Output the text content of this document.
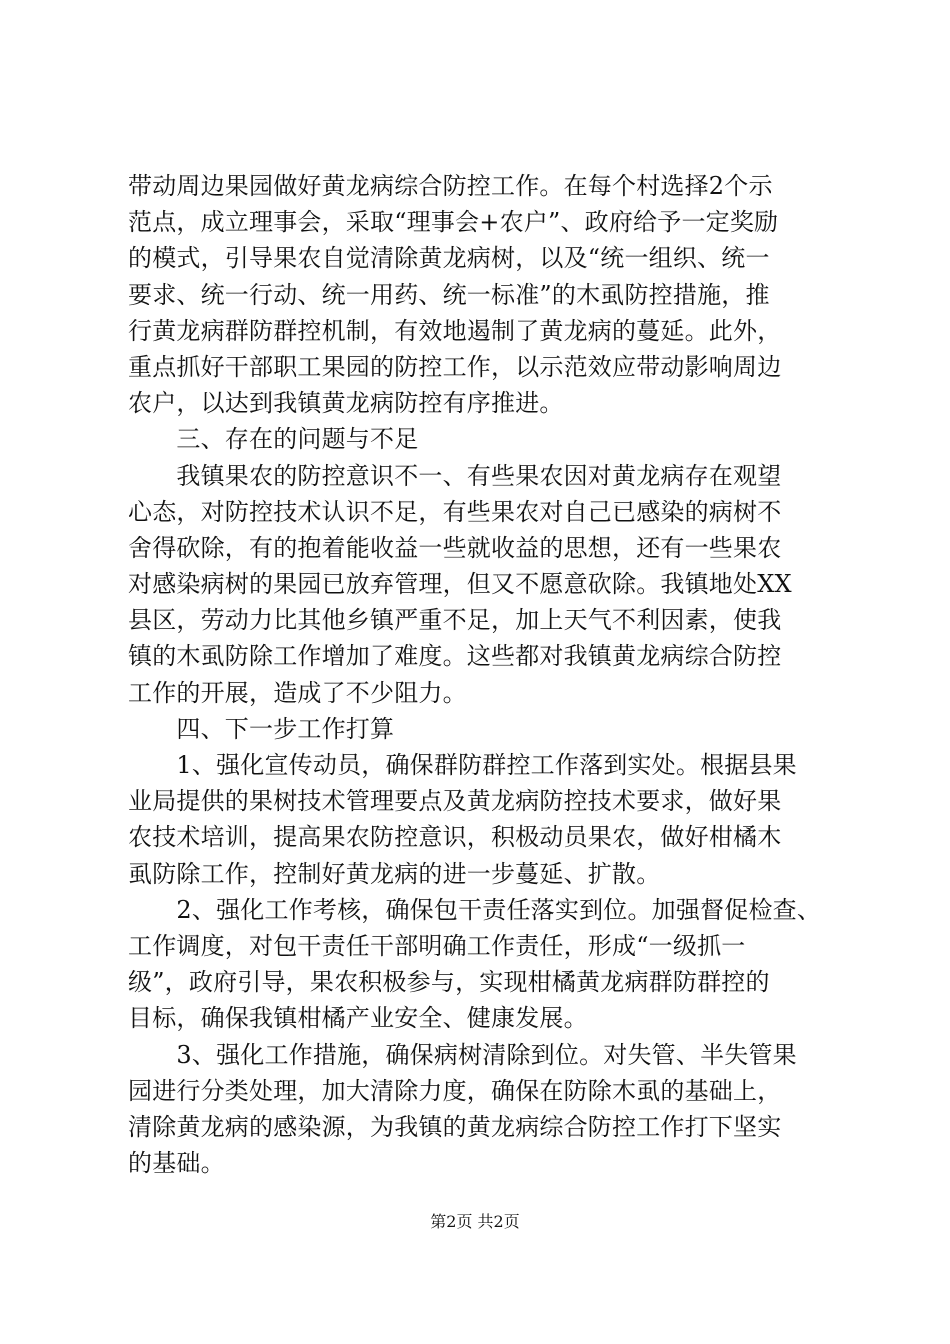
带动周边果园做好黄龙病综合防控工作。在每个村选择2个示
范点，成立理事会，采取“理事会+农户”、政府给予一定奖励
的模式，引导果农自觉清除黄龙病树，以及“统一组织、统一
要求、统一行动、统一用药、统一标准”的木虱防控措施，推
行黄龙病群防群控机制，有效地遏制了黄龙病的蔓延。此外，
重点抓好干部职工果园的防控工作，以示范效应带动影响周边
农户，以达到我镇黄龙病防控有序推进。
　　三、存在的问题与不足
　　我镇果农的防控意识不一、有些果农因对黄龙病存在观望
心态，对防控技术认识不足，有些果农对自己已感染的病树不
舍得砍除，有的抱着能收益一些就收益的思想，还有一些果农
对感染病树的果园已放弃管理，但又不愿意砍除。我镇地处XX
县区，劳动力比其他乡镇严重不足，加上天气不利因素，使我
镇的木虱防除工作增加了难度。这些都对我镇黄龙病综合防控
工作的开展，造成了不少阻力。
　　四、下一步工作打算
　　1、强化宣传动员，确保群防群控工作落到实处。根据县果
业局提供的果树技术管理要点及黄龙病防控技术要求，做好果
农技术培训，提高果农防控意识，积极动员果农，做好柑橘木
虱防除工作，控制好黄龙病的进一步蔓延、扩散。
　　2、强化工作考核，确保包干责任落实到位。加强督促检查、
工作调度，对包干责任干部明确工作责任，形成“一级抓一
级”，政府引导，果农积极参与，实现柑橘黄龙病群防群控的
目标，确保我镇柑橘产业安全、健康发展。
　　3、强化工作措施，确保病树清除到位。对失管、半失管果
园进行分类处理，加大清除力度，确保在防除木虱的基础上，
清除黄龙病的感染源，为我镇的黄龙病综合防控工作打下坚实
的基础。
第2页 共2页
